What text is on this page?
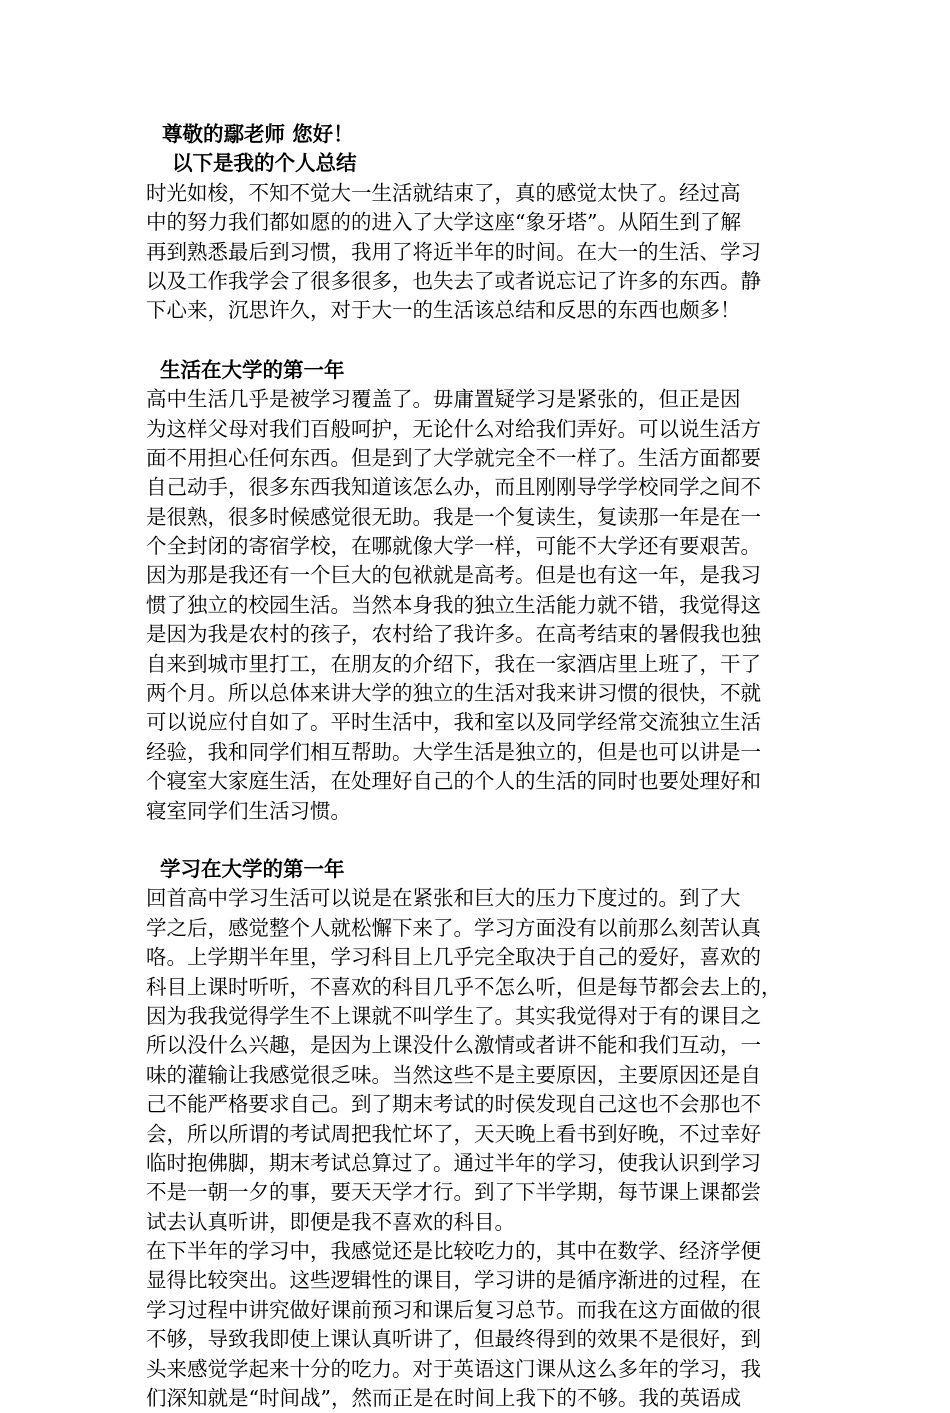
尊敬的鄢老师 您好！
以下是我的个人总结
时光如梭，不知不觉大一生活就结束了，真的感觉太快了。经过高
中的努力我们都如愿的的进入了大学这座“象牙塔”。从陌生到了解
再到熟悉最后到习惯，我用了将近半年的时间。在大一的生活、学习
以及工作我学会了很多很多，也失去了或者说忘记了许多的东西。静
下心来，沉思许久，对于大一的生活该总结和反思的东西也颇多！
生活在大学的第一年
高中生活几乎是被学习覆盖了。毋庸置疑学习是紧张的，但正是因
为这样父母对我们百般呵护，无论什么对给我们弄好。可以说生活方
面不用担心任何东西。但是到了大学就完全不一样了。生活方面都要
自己动手，很多东西我知道该怎么办，而且刚刚导学学校同学之间不
是很熟，很多时候感觉很无助。我是一个复读生，复读那一年是在一
个全封闭的寄宿学校，在哪就像大学一样，可能不大学还有要艰苦。
因为那是我还有一个巨大的包袱就是高考。但是也有这一年，是我习
惯了独立的校园生活。当然本身我的独立生活能力就不错，我觉得这
是因为我是农村的孩子，农村给了我许多。在高考结束的暑假我也独
自来到城市里打工，在朋友的介绍下，我在一家酒店里上班了，干了
两个月。所以总体来讲大学的独立的生活对我来讲习惯的很快，不就
可以说应付自如了。平时生活中，我和室以及同学经常交流独立生活
经验，我和同学们相互帮助。大学生活是独立的，但是也可以讲是一
个寝室大家庭生活，在处理好自己的个人的生活的同时也要处理好和
寝室同学们生活习惯。
学习在大学的第一年
回首高中学习生活可以说是在紧张和巨大的压力下度过的。到了大
学之后，感觉整个人就松懈下来了。学习方面没有以前那么刻苦认真
咯。上学期半年里，学习科目上几乎完全取决于自己的爱好，喜欢的
科目上课时听听，不喜欢的科目几乎不怎么听，但是每节都会去上的，
因为我我觉得学生不上课就不叫学生了。其实我觉得对于有的课目之
所以没什么兴趣，是因为上课没什么激情或者讲不能和我们互动，一
味的灌输让我感觉很乏味。当然这些不是主要原因，主要原因还是自
己不能严格要求自己。到了期末考试的时侯发现自己这也不会那也不
会，所以所谓的考试周把我忙坏了，天天晚上看书到好晚，不过幸好
临时抱佛脚，期末考试总算过了。通过半年的学习，使我认识到学习
不是一朝一夕的事，要天天学才行。到了下半学期，每节课上课都尝
试去认真听讲，即便是我不喜欢的科目。
在下半年的学习中，我感觉还是比较吃力的，其中在数学、经济学便
显得比较突出。这些逻辑性的课目，学习讲的是循序渐进的过程，在
学习过程中讲究做好课前预习和课后复习总节。而我在这方面做的很
不够，导致我即使上课认真听讲了，但最终得到的效果不是很好，到
头来感觉学起来十分的吃力。对于英语这门课从这么多年的学习，我
们深知就是“时间战”，然而正是在时间上我下的不够。我的英语成
